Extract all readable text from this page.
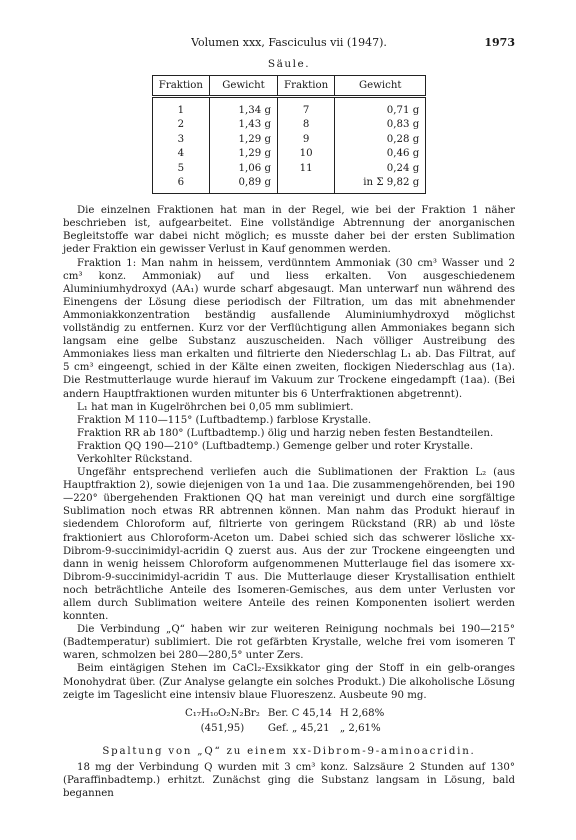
Volumen xxx, Fasciculus vii (1947).	1973
Säule.
Fraktion	Gewicht	Fraktion	Gewicht
1	1,34 g	7	0,71 g
2	1,43 g	8	0,83 g
3	1,29 g	9	0,28 g
4	1,29 g	10	0,46 g
5	1,06 g	11	0,24 g
6	0,89 g		in Σ 9,82 g

Die einzelnen Fraktionen hat man in der Regel, wie bei der Fraktion 1 näher beschrieben ist, aufgearbeitet. Eine vollständige Abtrennung der anorganischen Begleitstoffe war dabei nicht möglich; es musste daher bei der ersten Sublimation jeder Fraktion ein gewisser Verlust in Kauf genommen werden.

Fraktion 1: Man nahm in heissem, verdünntem Ammoniak (30 cm³ Wasser und 2 cm³ konz. Ammoniak) auf und liess erkalten. Von ausgeschiedenem Aluminiumhydroxyd (AA₁) wurde scharf abgesaugt. Man unterwarf nun während des Einengens der Lösung diese periodisch der Filtration, um das mit abnehmender Ammoniakkonzentration beständig ausfallende Aluminiumhydroxyd möglichst vollständig zu entfernen. Kurz vor der Verflüchtigung allen Ammoniakes begann sich langsam eine gelbe Substanz auszuscheiden. Nach völliger Austreibung des Ammoniakes liess man erkalten und filtrierte den Niederschlag L₁ ab. Das Filtrat, auf 5 cm³ eingeengt, schied in der Kälte einen zweiten, flockigen Niederschlag aus (1a). Die Restmutterlauge wurde hierauf im Vakuum zur Trockene eingedampft (1aa). (Bei andern Hauptfraktionen wurden mitunter bis 6 Unterfraktionen abgetrennt).

L₁ hat man in Kugelröhrchen bei 0,05 mm sublimiert.

Fraktion M 110—115° (Luftbadtemp.) farblose Krystalle.

Fraktion RR ab 180° (Luftbadtemp.) ölig und harzig neben festen Bestandteilen.

Fraktion QQ 190—210° (Luftbadtemp.) Gemenge gelber und roter Krystalle.

Verkohlter Rückstand.

Ungefähr entsprechend verliefen auch die Sublimationen der Fraktion L₂ (aus Hauptfraktion 2), sowie diejenigen von 1a und 1aa. Die zusammengehörenden, bei 190—220° übergehenden Fraktionen QQ hat man vereinigt und durch eine sorgfältige Sublimation noch etwas RR abtrennen können. Man nahm das Produkt hierauf in siedendem Chloroform auf, filtrierte von geringem Rückstand (RR) ab und löste fraktioniert aus Chloroform-Aceton um. Dabei schied sich das schwerer lösliche xx-Dibrom-9-succinimidyl-acridin Q zuerst aus. Aus der zur Trockene eingeengten und dann in wenig heissem Chloroform aufgenommenen Mutterlauge fiel das isomere xx-Dibrom-9-succinimidyl-acridin T aus. Die Mutterlauge dieser Krystallisation enthielt noch beträchtliche Anteile des Isomeren-Gemisches, aus dem unter Verlusten vor allem durch Sublimation weitere Anteile des reinen Komponenten isoliert werden konnten.

Die Verbindung „Q“ haben wir zur weiteren Reinigung nochmals bei 190—215° (Badtemperatur) sublimiert. Die rot gefärbten Krystalle, welche frei vom isomeren T waren, schmolzen bei 280—280,5° unter Zers.

Beim eintägigen Stehen im CaCl₂-Exsikkator ging der Stoff in ein gelb-oranges Monohydrat über. (Zur Analyse gelangte ein solches Produkt.) Die alkoholische Lösung zeigte im Tageslicht eine intensiv blaue Fluoreszenz. Ausbeute 90 mg.

C₁₇H₁₀O₂N₂Br₂	Ber. C 45,14	H 2,68%
(451,95)	Gef. „ 45,21	„ 2,61%
Spaltung von „Q“ zu einem xx-Dibrom-9-aminoacridin.

18 mg der Verbindung Q wurden mit 3 cm³ konz. Salzsäure 2 Stunden auf 130° (Paraffinbadtemp.) erhitzt. Zunächst ging die Substanz langsam in Lösung, bald begannen
